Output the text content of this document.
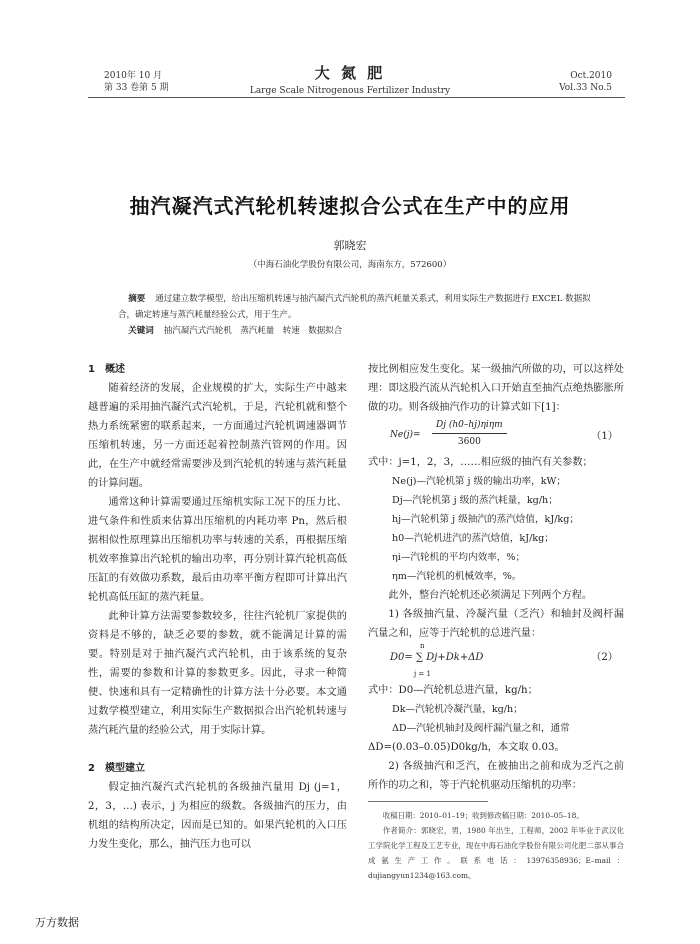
2010年 10 月
第 33 卷第 5 期
大 氮 肥
Large Scale Nitrogenous Fertilizer Industry
Oct.2010
Vol.33 No.5
抽汽凝汽式汽轮机转速拟合公式在生产中的应用
郭晓宏
（中海石油化学股份有限公司，海南东方，572600）
摘要 通过建立数学模型，给出压缩机转速与抽汽凝汽式汽轮机的蒸汽耗量关系式，利用实际生产数据进行 EXCEL 数据拟合，确定转速与蒸汽耗量经验公式，用于生产。
关键词 抽汽凝汽式汽轮机　蒸汽耗量　转速　数据拟合

1　概述

随着经济的发展，企业规模的扩大，实际生产中越来越普遍的采用抽汽凝汽式汽轮机，于是，汽轮机就和整个热力系统紧密的联系起来，一方面通过汽轮机调速器调节压缩机转速，另一方面还起着控制蒸汽管网的作用。因此，在生产中就经常需要涉及到汽轮机的转速与蒸汽耗量的计算问题。

通常这种计算需要通过压缩机实际工况下的压力比、进气条件和性质来估算出压缩机的内耗功率 Pn，然后根据相似性原理算出压缩机功率与转速的关系，再根据压缩机效率推算出汽轮机的输出功率，再分别计算汽轮机高低压缸的有效做功系数，最后由功率平衡方程即可计算出汽轮机高低压缸的蒸汽耗量。

此种计算方法需要参数较多，往往汽轮机厂家提供的资料是不够的，缺乏必要的参数，就不能满足计算的需要。特别是对于抽汽凝汽式汽轮机，由于该系统的复杂性，需要的参数和计算的参数更多。因此，寻求一种简便、快速和具有一定精确性的计算方法十分必要。本文通过数学模型建立，利用实际生产数据拟合出汽轮机转速与蒸汽耗汽量的经验公式，用于实际计算。

2　模型建立

假定抽汽凝汽式汽轮机的各级抽汽量用 Dj (j=1，2，3，…) 表示，j 为相应的级数。各级抽汽的压力，由机组的结构所决定，因而是已知的。如果汽轮机的入口压力发生变化，那么，抽汽压力也可以

按比例相应发生变化。某一级抽汽所做的功，可以这样处理：即这股汽流从汽轮机入口开始直至抽汽点绝热膨胀所做的功。则各级抽汽作功的计算式如下[1]：

Ne(j)=
Dj (h0–hj)ηiηm
3600	（1）

式中：j=1，2，3，……相应级的抽汽有关参数；

Ne(j)—汽轮机第 j 级的输出功率，kW；

Dj—汽轮机第 j 级的蒸汽耗量，kg/h；

hj—汽轮机第 j 级抽汽的蒸汽焓值，kJ/kg；

h0—汽轮机进汽的蒸汽焓值，kJ/kg；

ηi—汽轮机的平均内效率，%；

ηm—汽轮机的机械效率，%。

此外，整台汽轮机还必须满足下列两个方程。

1) 各级抽汽量、冷凝汽量（乏汽）和轴封及阀杆漏汽量之和，应等于汽轮机的总进汽量：

n
D0= ∑ Dj+Dk+ΔD
j = 1
（2）

式中：D0—汽轮机总进汽量，kg/h；

Dk—汽轮机冷凝汽量，kg/h；

ΔD—汽轮机轴封及阀杆漏汽量之和，通常

ΔD=(0.03–0.05)D0kg/h，本文取 0.03。

2) 各级抽汽和乏汽，在被抽出之前和成为乏汽之前所作的功之和，等于汽轮机驱动压缩机的功率：

收稿日期：2010–01–19；收到修改稿日期：2010–05–18。

作者简介：郭晓宏，男，1980 年出生，工程师，2002 年毕业于武汉化工学院化学工程及工艺专业，现在中海石油化学股份有限公司化肥二部从事合成氨生产工作。联系电话：13976358936；E–mail：dujiangyun1234@163.com。

万方数据
